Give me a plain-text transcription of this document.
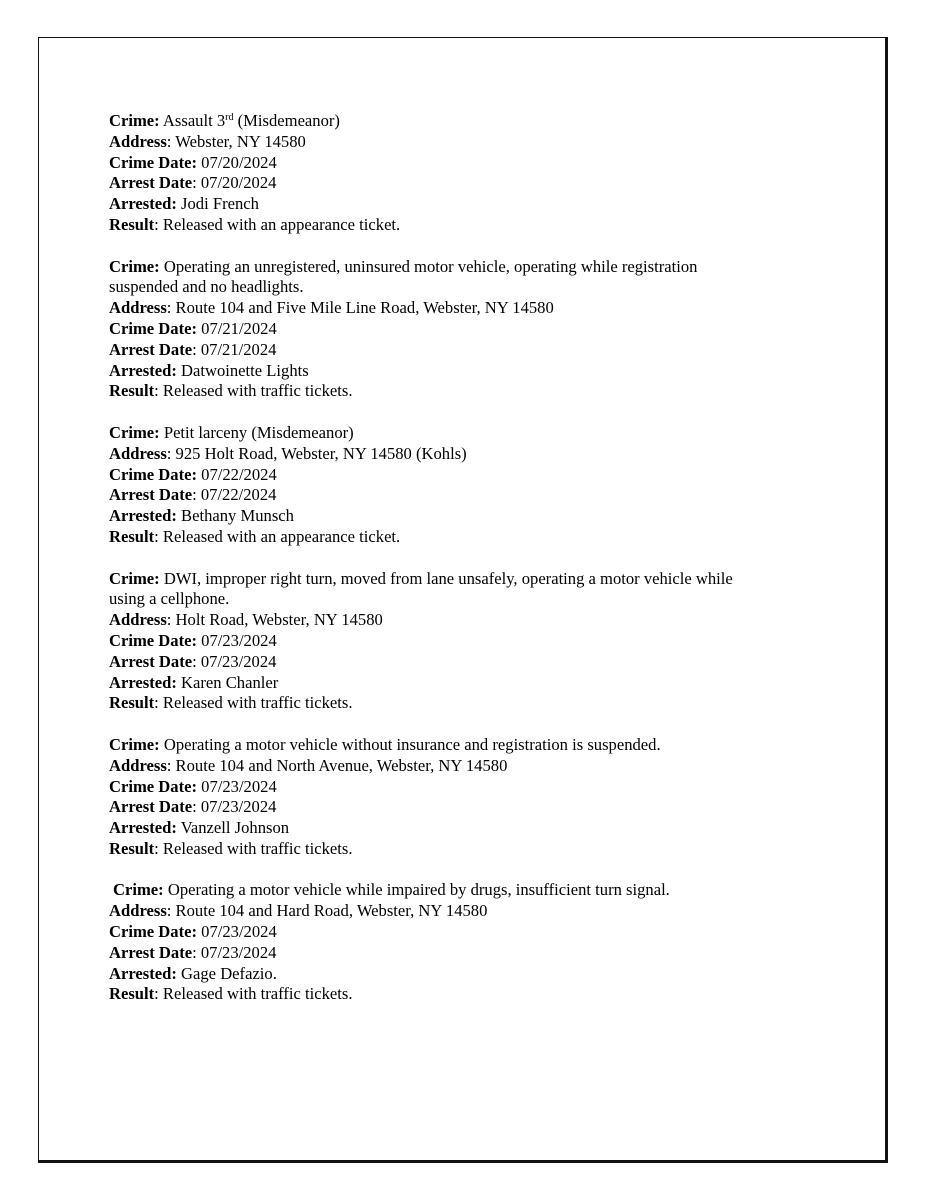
Crime: Assault 3rd (Misdemeanor)
Address: Webster, NY 14580
Crime Date: 07/20/2024
Arrest Date: 07/20/2024
Arrested: Jodi French
Result: Released with an appearance ticket.
Crime: Operating an unregistered, uninsured motor vehicle, operating while registration
suspended and no headlights.
Address: Route 104 and Five Mile Line Road, Webster, NY 14580
Crime Date: 07/21/2024
Arrest Date: 07/21/2024
Arrested: Datwoinette Lights
Result: Released with traffic tickets.
Crime: Petit larceny (Misdemeanor)
Address: 925 Holt Road, Webster, NY 14580 (Kohls)
Crime Date: 07/22/2024
Arrest Date: 07/22/2024
Arrested: Bethany Munsch
Result: Released with an appearance ticket.
Crime: DWI, improper right turn, moved from lane unsafely, operating a motor vehicle while
using a cellphone.
Address: Holt Road, Webster, NY 14580
Crime Date: 07/23/2024
Arrest Date: 07/23/2024
Arrested: Karen Chanler
Result: Released with traffic tickets.
Crime: Operating a motor vehicle without insurance and registration is suspended.
Address: Route 104 and North Avenue, Webster, NY 14580
Crime Date: 07/23/2024
Arrest Date: 07/23/2024
Arrested: Vanzell Johnson
Result: Released with traffic tickets.
Crime: Operating a motor vehicle while impaired by drugs, insufficient turn signal.
Address: Route 104 and Hard Road, Webster, NY 14580
Crime Date: 07/23/2024
Arrest Date: 07/23/2024
Arrested: Gage Defazio.
Result: Released with traffic tickets.
